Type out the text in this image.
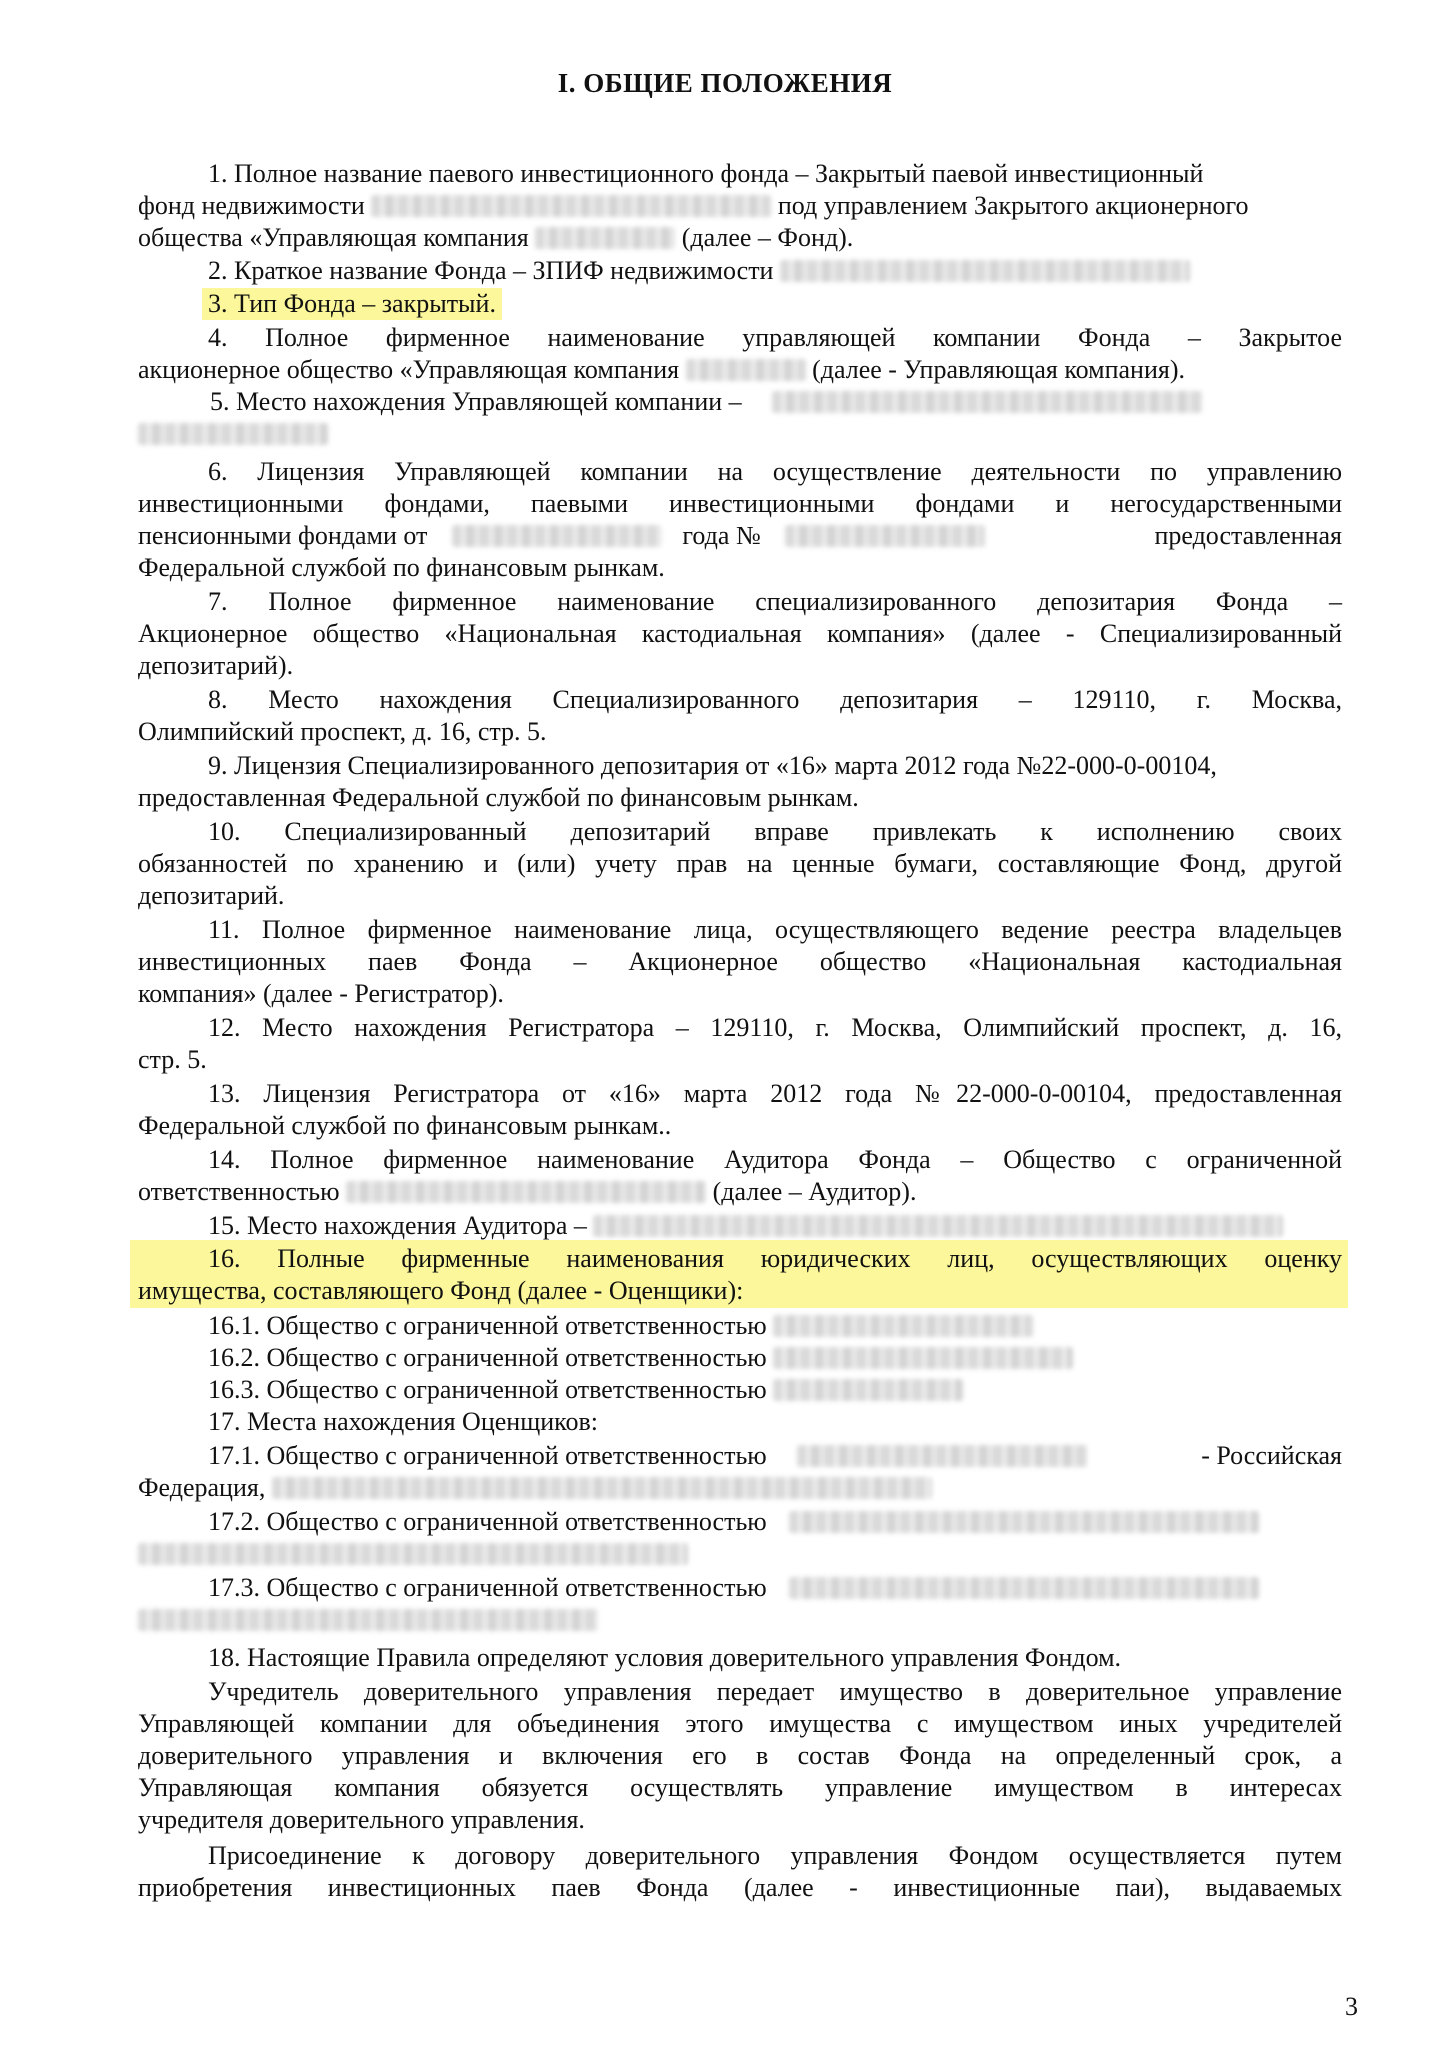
I. ОБЩИЕ ПОЛОЖЕНИЯ
1. Полное название паевого инвестиционного фонда – Закрытый паевой инвестиционный
фонд недвижимости	под управлением Закрытого акционерного
общества «Управляющая компания	(далее – Фонд).
2. Краткое название Фонда – ЗПИФ недвижимости
3. Тип Фонда – закрытый.
4. Полное фирменное наименование управляющей компании Фонда – Закрытое
акционерное общество «Управляющая компания	(далее - Управляющая компания).
5. Место нахождения Управляющей компании –
6. Лицензия Управляющей компании на осуществление деятельности по управлению
инвестиционными фондами, паевыми инвестиционными фондами и негосударственными
пенсионными фондами от	года №	предоставленная
Федеральной службой по финансовым рынкам.
7. Полное фирменное наименование специализированного депозитария Фонда –
Акционерное общество «Национальная кастодиальная компания» (далее - Специализированный
депозитарий).
8. Место нахождения Специализированного депозитария – 129110, г. Москва,
Олимпийский проспект, д. 16, стр. 5.
9. Лицензия Специализированного депозитария от «16» марта 2012 года №22-000-0-00104,
предоставленная Федеральной службой по финансовым рынкам.
10. Специализированный депозитарий вправе привлекать к исполнению своих
обязанностей по хранению и (или) учету прав на ценные бумаги, составляющие Фонд, другой
депозитарий.
11. Полное фирменное наименование лица, осуществляющего ведение реестра владельцев
инвестиционных паев Фонда – Акционерное общество «Национальная кастодиальная
компания» (далее - Регистратор).
12. Место нахождения Регистратора – 129110, г. Москва, Олимпийский проспект, д. 16,
стр. 5.
13. Лицензия Регистратора от «16» марта 2012 года №22-000-0-00104, предоставленная
Федеральной службой по финансовым рынкам..
14. Полное фирменное наименование Аудитора Фонда – Общество с ограниченной
ответственностью	(далее – Аудитор).
15. Место нахождения Аудитора –
16. Полные фирменные наименования юридических лиц, осуществляющих оценку
имущества, составляющего Фонд (далее - Оценщики):
16.1. Общество с ограниченной ответственностью
16.2. Общество с ограниченной ответственностью
16.3. Общество с ограниченной ответственностью
17. Места нахождения Оценщиков:
17.1. Общество с ограниченной ответственностью	- Российская
Федерация,
17.2. Общество с ограниченной ответственностью
17.3. Общество с ограниченной ответственностью
18. Настоящие Правила определяют условия доверительного управления Фондом.
Учредитель доверительного управления передает имущество в доверительное управление
Управляющей компании для объединения этого имущества с имуществом иных учредителей
доверительного управления и включения его в состав Фонда на определенный срок, а
Управляющая компания обязуется осуществлять управление имуществом в интересах
учредителя доверительного управления.
Присоединение к договору доверительного управления Фондом осуществляется путем
приобретения инвестиционных паев Фонда (далее - инвестиционные паи), выдаваемых
3
